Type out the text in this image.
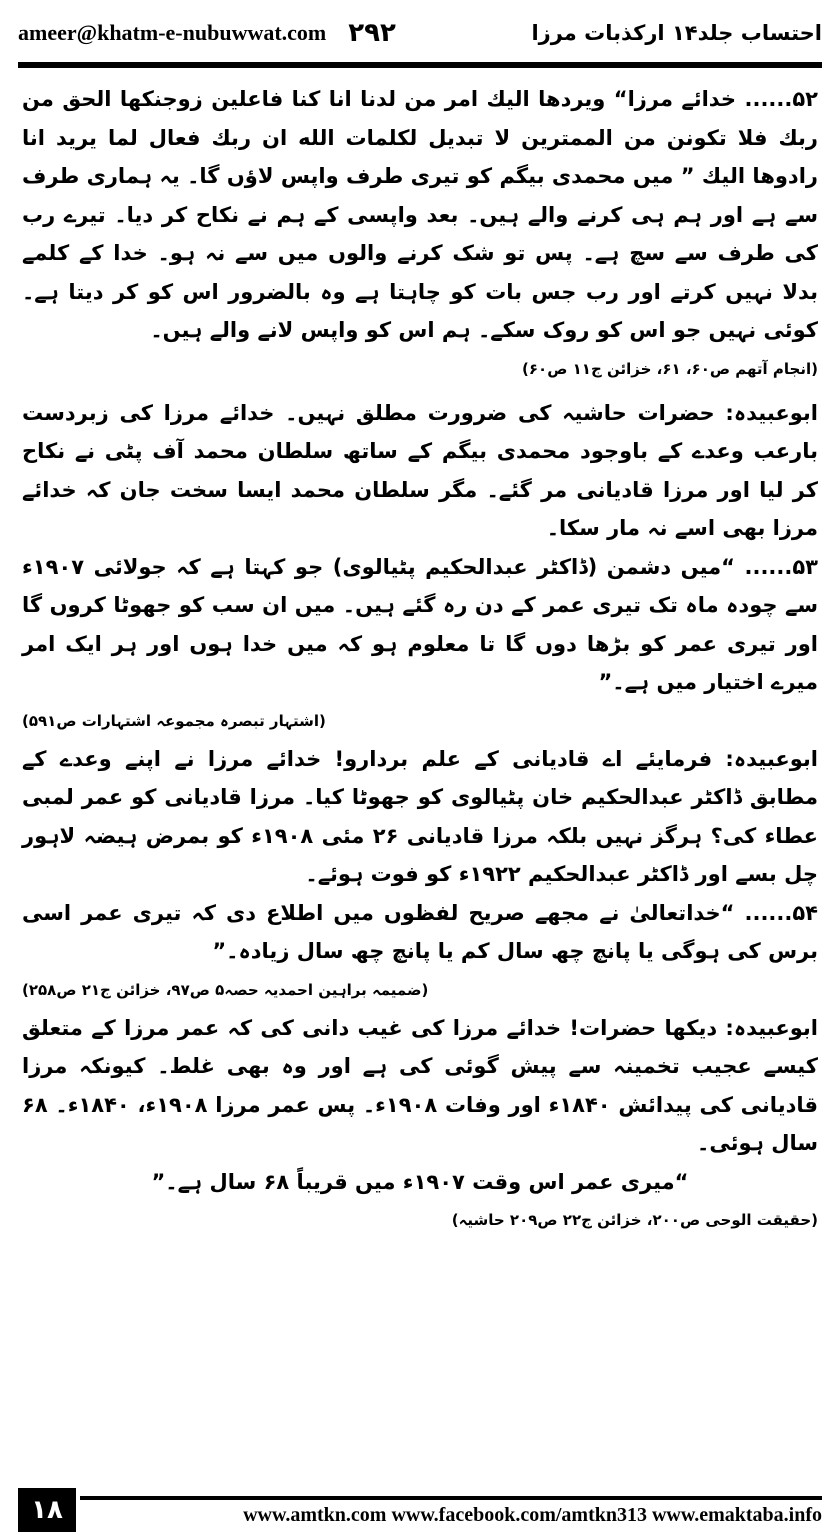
ameer@khatm-e-nubuwwat.com ۲۹۲	احتساب جلد۱۴ ارکذبات مرزا

۵۲...... خدائے مرزا“ ویردها الیك امر من لدنا انا كنا فاعلین زوجنكها الحق من ربك فلا تكونن من الممترين لا تبديل لكلمات الله ان ربك فعال لما يريد انا رادوها الیك ” میں محمدی بیگم کو تیری طرف واپس لاؤں گا۔ یہ ہماری طرف سے ہے اور ہم ہی کرنے والے ہیں۔ بعد واپسی کے ہم نے نکاح کر دیا۔ تیرے رب کی طرف سے سچ ہے۔ پس تو شک کرنے والوں میں سے نہ ہو۔ خدا کے کلمے بدلا نہیں کرتے اور رب جس بات کو چاہتا ہے وہ بالضرور اس کو کر دیتا ہے۔ کوئی نہیں جو اس کو روک سکے۔ ہم اس کو واپس لانے والے ہیں۔

(انجام آتھم ص۶۰، ۶۱، خزائن ج۱۱ ص۶۰)

ابوعبیدہ: حضرات حاشیہ کی ضرورت مطلق نہیں۔ خدائے مرزا کی زبردست بارعب وعدے کے باوجود محمدی بیگم کے ساتھ سلطان محمد آف پٹی نے نکاح کر لیا اور مرزا قادیانی مر گئے۔ مگر سلطان محمد ایسا سخت جان کہ خدائے مرزا بھی اسے نہ مار سکا۔

۵۳...... “میں دشمن (ڈاکٹر عبدالحکیم پٹیالوی) جو کہتا ہے کہ جولائی ۱۹۰۷ء سے چودہ ماہ تک تیری عمر کے دن رہ گئے ہیں۔ میں ان سب کو جھوٹا کروں گا اور تیری عمر کو بڑھا دوں گا تا معلوم ہو کہ میں خدا ہوں اور ہر ایک امر میرے اختیار میں ہے۔”

(اشتہار تبصرہ مجموعہ اشتہارات ص۵۹۱)

ابوعبیدہ: فرمایئے اے قادیانی کے علم بردارو! خدائے مرزا نے اپنے وعدے کے مطابق ڈاکٹر عبدالحکیم خان پٹیالوی کو جھوٹا کیا۔ مرزا قادیانی کو عمر لمبی عطاء کی؟ ہرگز نہیں بلکہ مرزا قادیانی ۲۶ مئی ۱۹۰۸ء کو بمرض ہیضہ لاہور چل بسے اور ڈاکٹر عبدالحکیم ۱۹۲۲ء کو فوت ہوئے۔

۵۴...... “خداتعالیٰ نے مجھے صریح لفظوں میں اطلاع دی کہ تیری عمر اسی برس کی ہوگی یا پانچ چھ سال کم یا پانچ چھ سال زیادہ۔”

(ضمیمہ براہین احمدیہ حصہ۵ ص۹۷، خزائن ج۲۱ ص۲۵۸)

ابوعبیدہ: دیکھا حضرات! خدائے مرزا کی غیب دانی کی کہ عمر مرزا کے متعلق کیسے عجیب تخمینہ سے پیش گوئی کی ہے اور وہ بھی غلط۔ کیونکہ مرزا قادیانی کی پیدائش ۱۸۴۰ء اور وفات ۱۹۰۸ء۔ پس عمر مرزا ۱۹۰۸ء، ۱۸۴۰ء۔ ۶۸ سال ہوئی۔

“میری عمر اس وقت ۱۹۰۷ء میں قریباً ۶۸ سال ہے۔”

(حقیقت الوحی ص۲۰۰، خزائن ج۲۲ ص۲۰۹ حاشیہ)

۱۸	www.amtkn.com www.facebook.com/amtkn313 www.emaktaba.info
